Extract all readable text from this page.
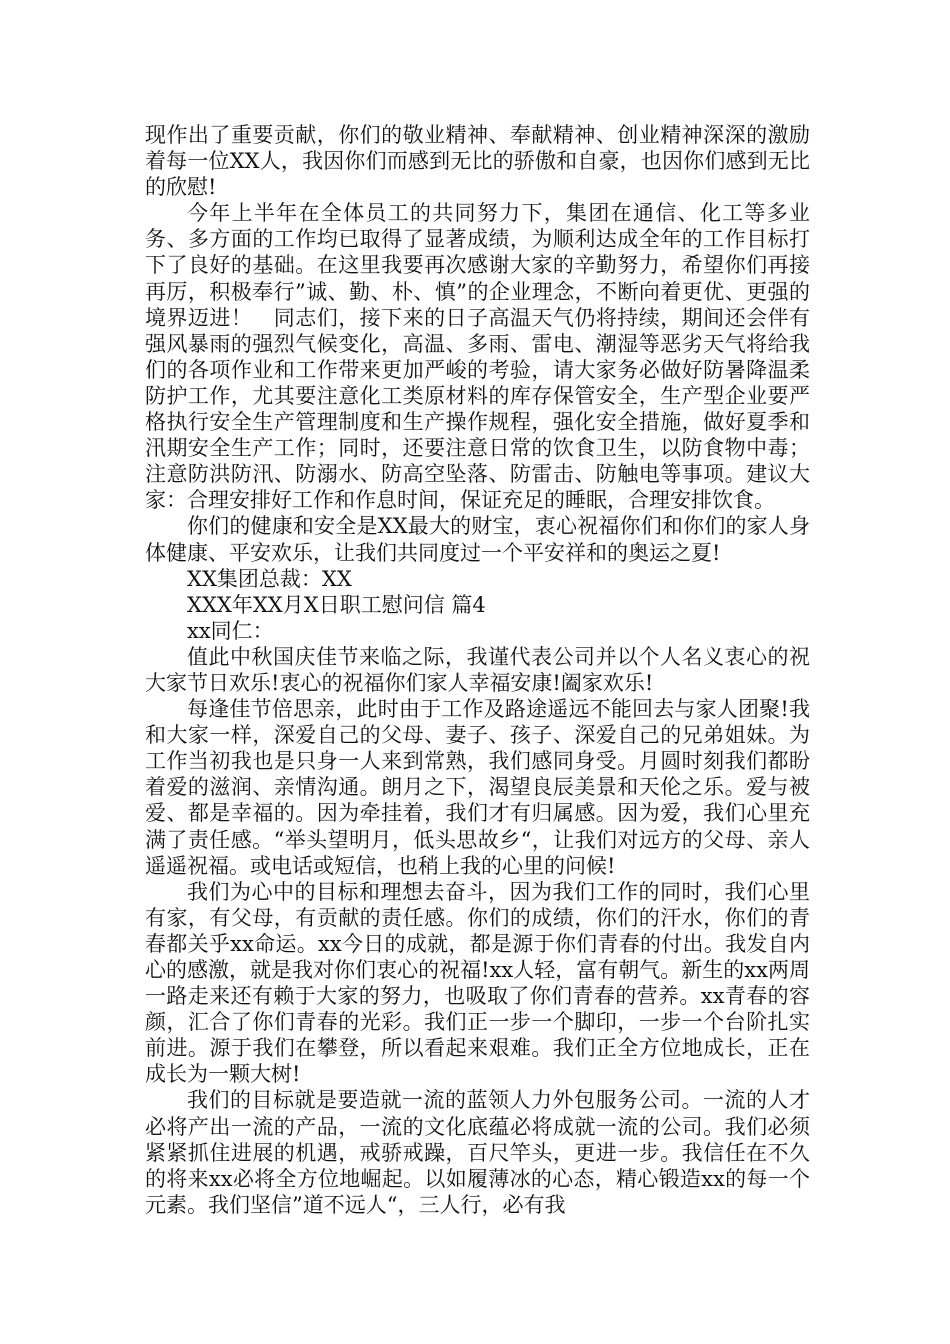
现作出了重要贡献，你们的敬业精神、奉献精神、创业精神深深的激励着每一位XX人，我因你们而感到无比的骄傲和自豪，也因你们感到无比的欣慰!

今年上半年在全体员工的共同努力下，集团在通信、化工等多业务、多方面的工作均已取得了显著成绩，为顺利达成全年的工作目标打下了良好的基础。在这里我要再次感谢大家的辛勤努力，希望你们再接再厉，积极奉行”诚、勤、朴、慎”的企业理念，不断向着更优、更强的境界迈进！　同志们，接下来的日子高温天气仍将持续，期间还会伴有强风暴雨的强烈气候变化，高温、多雨、雷电、潮湿等恶劣天气将给我们的各项作业和工作带来更加严峻的考验，请大家务必做好防暑降温柔防护工作，尤其要注意化工类原材料的库存保管安全，生产型企业要严格执行安全生产管理制度和生产操作规程，强化安全措施，做好夏季和汛期安全生产工作；同时，还要注意日常的饮食卫生，以防食物中毒；注意防洪防汛、防溺水、防高空坠落、防雷击、防触电等事项。建议大家：合理安排好工作和作息时间，保证充足的睡眠，合理安排饮食。

你们的健康和安全是XX最大的财宝，衷心祝福你们和你们的家人身体健康、平安欢乐，让我们共同度过一个平安祥和的奥运之夏!

XX集团总裁：XX

XXX年XX月X日职工慰问信 篇4

xx同仁：

值此中秋国庆佳节来临之际，我谨代表公司并以个人名义衷心的祝大家节日欢乐!衷心的祝福你们家人幸福安康!阖家欢乐!

每逢佳节倍思亲，此时由于工作及路途遥远不能回去与家人团聚!我和大家一样，深爱自己的父母、妻子、孩子、深爱自己的兄弟姐妹。为工作当初我也是只身一人来到常熟，我们感同身受。月圆时刻我们都盼着爱的滋润、亲情沟通。朗月之下，渴望良辰美景和天伦之乐。爱与被爱、都是幸福的。因为牵挂着，我们才有归属感。因为爱，我们心里充满了责任感。“举头望明月，低头思故乡“，让我们对远方的父母、亲人遥遥祝福。或电话或短信，也稍上我的心里的问候!

我们为心中的目标和理想去奋斗，因为我们工作的同时，我们心里有家，有父母，有贡献的责任感。你们的成绩，你们的汗水，你们的青春都关乎xx命运。xx今日的成就，都是源于你们青春的付出。我发自内心的感激，就是我对你们衷心的祝福!xx人轻，富有朝气。新生的xx两周一路走来还有赖于大家的努力，也吸取了你们青春的营养。xx青春的容颜，汇合了你们青春的光彩。我们正一步一个脚印，一步一个台阶扎实前进。源于我们在攀登，所以看起来艰难。我们正全方位地成长，正在成长为一颗大树!

我们的目标就是要造就一流的蓝领人力外包服务公司。一流的人才必将产出一流的产品，一流的文化底蕴必将成就一流的公司。我们必须紧紧抓住进展的机遇，戒骄戒躁，百尺竿头，更进一步。我信任在不久的将来xx必将全方位地崛起。以如履薄冰的心态，精心锻造xx的每一个元素。我们坚信”道不远人“，三人行，必有我
